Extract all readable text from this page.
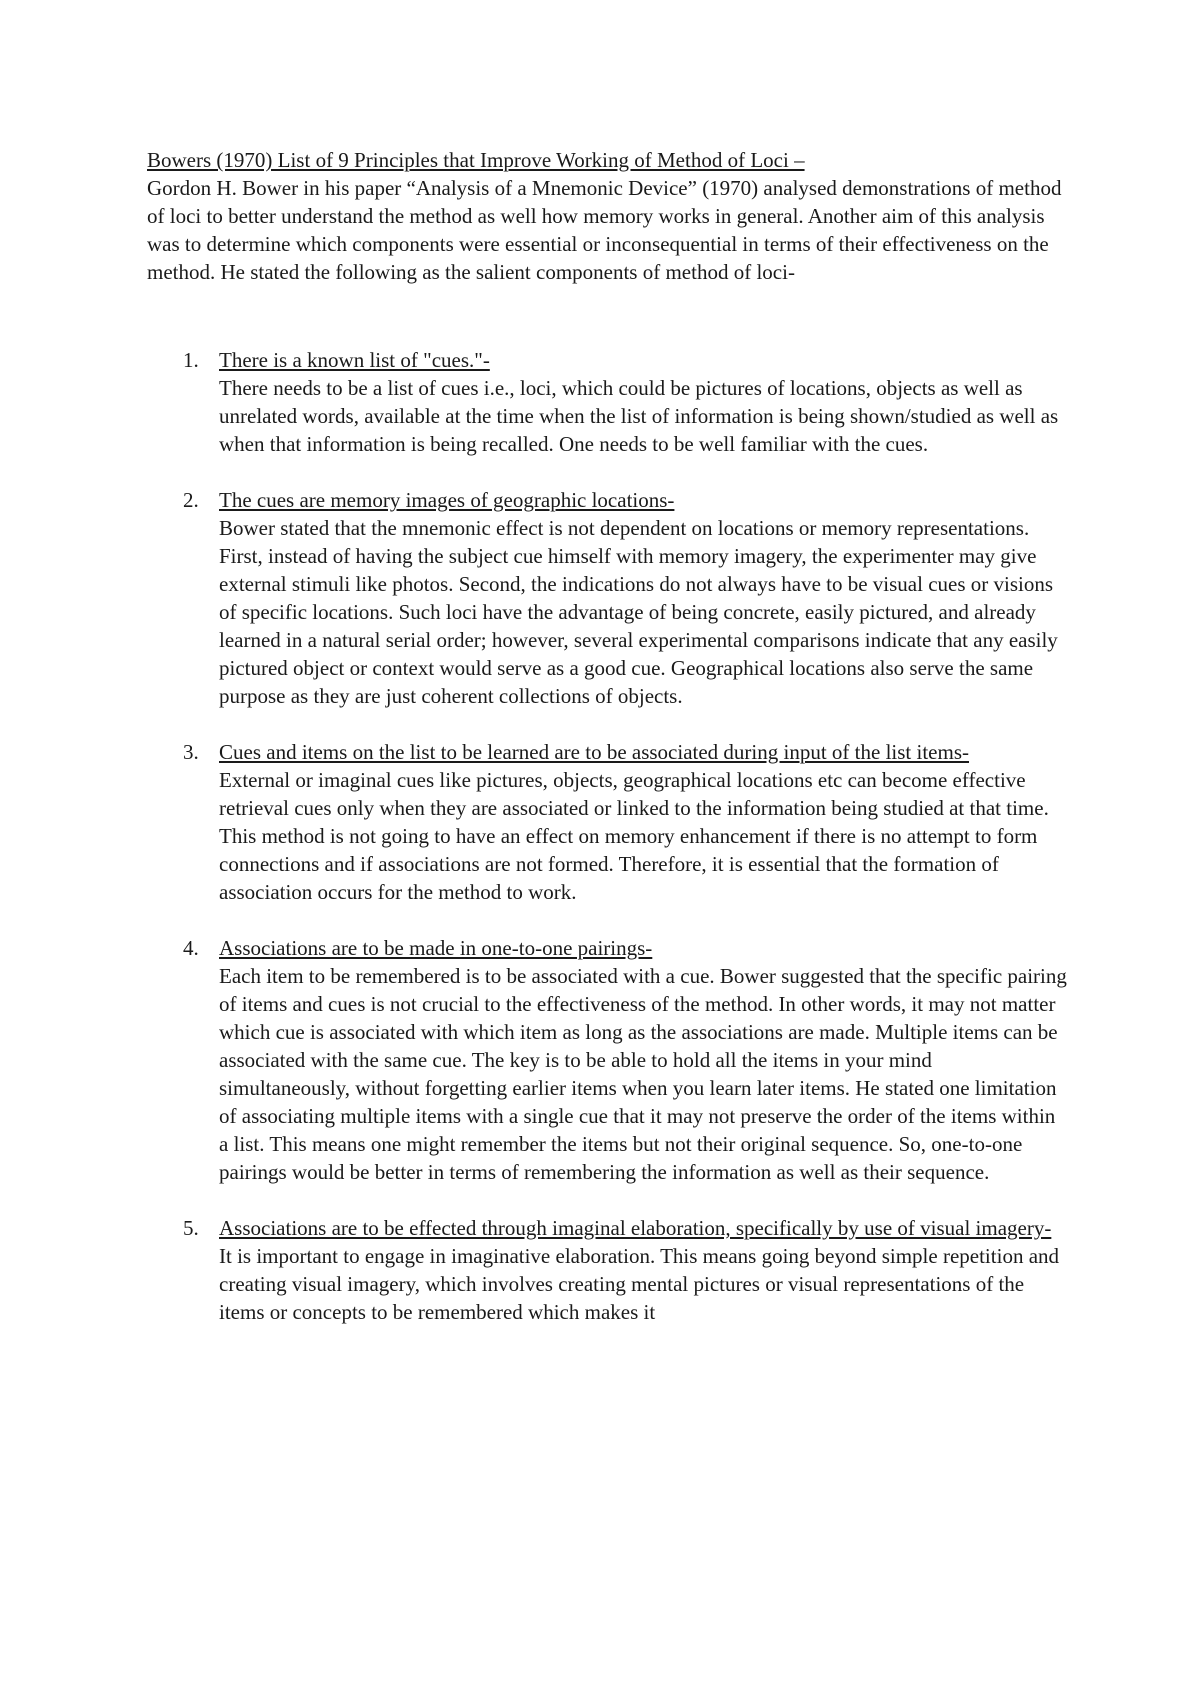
Bowers (1970) List of 9 Principles that Improve Working of Method of Loci –

Gordon H. Bower in his paper “Analysis of a Mnemonic Device” (1970) analysed demonstrations of method of loci to better understand the method as well how memory works in general. Another aim of this analysis was to determine which components were essential or inconsequential in terms of their effectiveness on the method. He stated the following as the salient components of method of loci-

1. There is a known list of "cues."-
There needs to be a list of cues i.e., loci, which could be pictures of locations, objects as well as unrelated words, available at the time when the list of information is being shown/studied as well as when that information is being recalled. One needs to be well familiar with the cues.
2. The cues are memory images of geographic locations-
Bower stated that the mnemonic effect is not dependent on locations or memory representations. First, instead of having the subject cue himself with memory imagery, the experimenter may give external stimuli like photos. Second, the indications do not always have to be visual cues or visions of specific locations. Such loci have the advantage of being concrete, easily pictured, and already learned in a natural serial order; however, several experimental comparisons indicate that any easily pictured object or context would serve as a good cue. Geographical locations also serve the same purpose as they are just coherent collections of objects.
3. Cues and items on the list to be learned are to be associated during input of the list items-
External or imaginal cues like pictures, objects, geographical locations etc can become effective retrieval cues only when they are associated or linked to the information being studied at that time. This method is not going to have an effect on memory enhancement if there is no attempt to form connections and if associations are not formed. Therefore, it is essential that the formation of association occurs for the method to work.
4. Associations are to be made in one-to-one pairings-
Each item to be remembered is to be associated with a cue. Bower suggested that the specific pairing of items and cues is not crucial to the effectiveness of the method. In other words, it may not matter which cue is associated with which item as long as the associations are made. Multiple items can be associated with the same cue. The key is to be able to hold all the items in your mind simultaneously, without forgetting earlier items when you learn later items. He stated one limitation of associating multiple items with a single cue that it may not preserve the order of the items within a list. This means one might remember the items but not their original sequence. So, one-to-one pairings would be better in terms of remembering the information as well as their sequence.
5. Associations are to be effected through imaginal elaboration, specifically by use of visual imagery-
It is important to engage in imaginative elaboration. This means going beyond simple repetition and creating visual imagery, which involves creating mental pictures or visual representations of the items or concepts to be remembered which makes it
